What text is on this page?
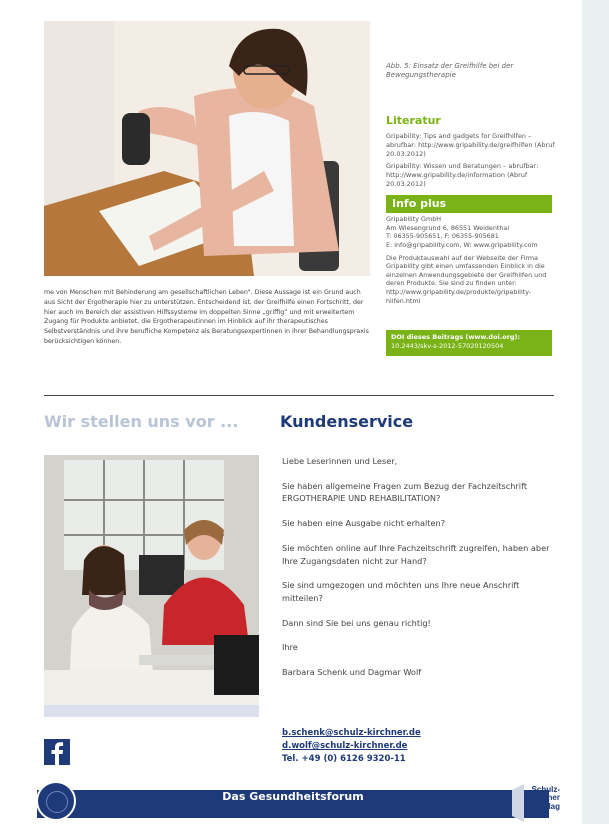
Abb. 5: Einsatz der Greifhilfe bei der Bewegungstherapie
Literatur
Gripability: Tips and gadgets for Greifhilfen – abrufbar: http://www.gripability.de/greifhilfen (Abruf 20.03.2012)
Gripability: Wissen und Beratungen – abrufbar: http://www.gripability.de/information (Abruf 20.03.2012)
Info plus

Gripability GmbH
Am Wiesengrund 6, 86551 Weidenthal
T: 06355-905651, F: 06355-905681
E: info@gripability.com, W: www.gripability.com

Die Produktauswahl auf der Webseite der Firma Gripability gibt einen umfassenden Einblick in die einzelnen Anwendungsgebiete der Greifhilfen und deren Produkte. Sie sind zu finden unter: http://www.gripability.de/produkte/gripability-hilfen.html

DOI dieses Beitrags (www.doi.org):
10.2443/skv-s-2012-57020120504

me von Menschen mit Behinderung am gesellschaftlichen Leben“. Diese Aussage ist ein Grund auch aus Sicht der Ergotherapie hier zu unterstützen. Entscheidend ist, der Greifhilfe einen Fortschritt, der hier auch im Bereich der assistiven Hilfssysteme im doppelten Sinne „griffig“ und mit erweitertem Zugang für Produkte anbietet, die Ergotherapeutinnen im Hinblick auf ihr therapeutisches Selbstverständnis und ihre berufliche Kompetenz als Beratungsexpertinnen in ihrer Behandlungspraxis berücksichtigen können.

Wir stellen uns vor ...	Kundenservice

Liebe Leserinnen und Leser,

Sie haben allgemeine Fragen zum Bezug der Fachzeitschrift ERGOTHERAPIE UND REHABILITATION?

Sie haben eine Ausgabe nicht erhalten?

Sie möchten online auf Ihre Fachzeitschrift zugreifen, haben aber Ihre Zugangsdaten nicht zur Hand?

Sie sind umgezogen und möchten uns Ihre neue Anschrift mitteilen?

Dann sind Sie bei uns genau richtig!

Ihre

Barbara Schenk und Dagmar Wolf

b.schenk@schulz-kirchner.de
d.wolf@schulz-kirchner.de
Tel. +49 (0) 6126 9320-11
Das Gesundheitsforum
Schulz-
Kirchner
Verlag
